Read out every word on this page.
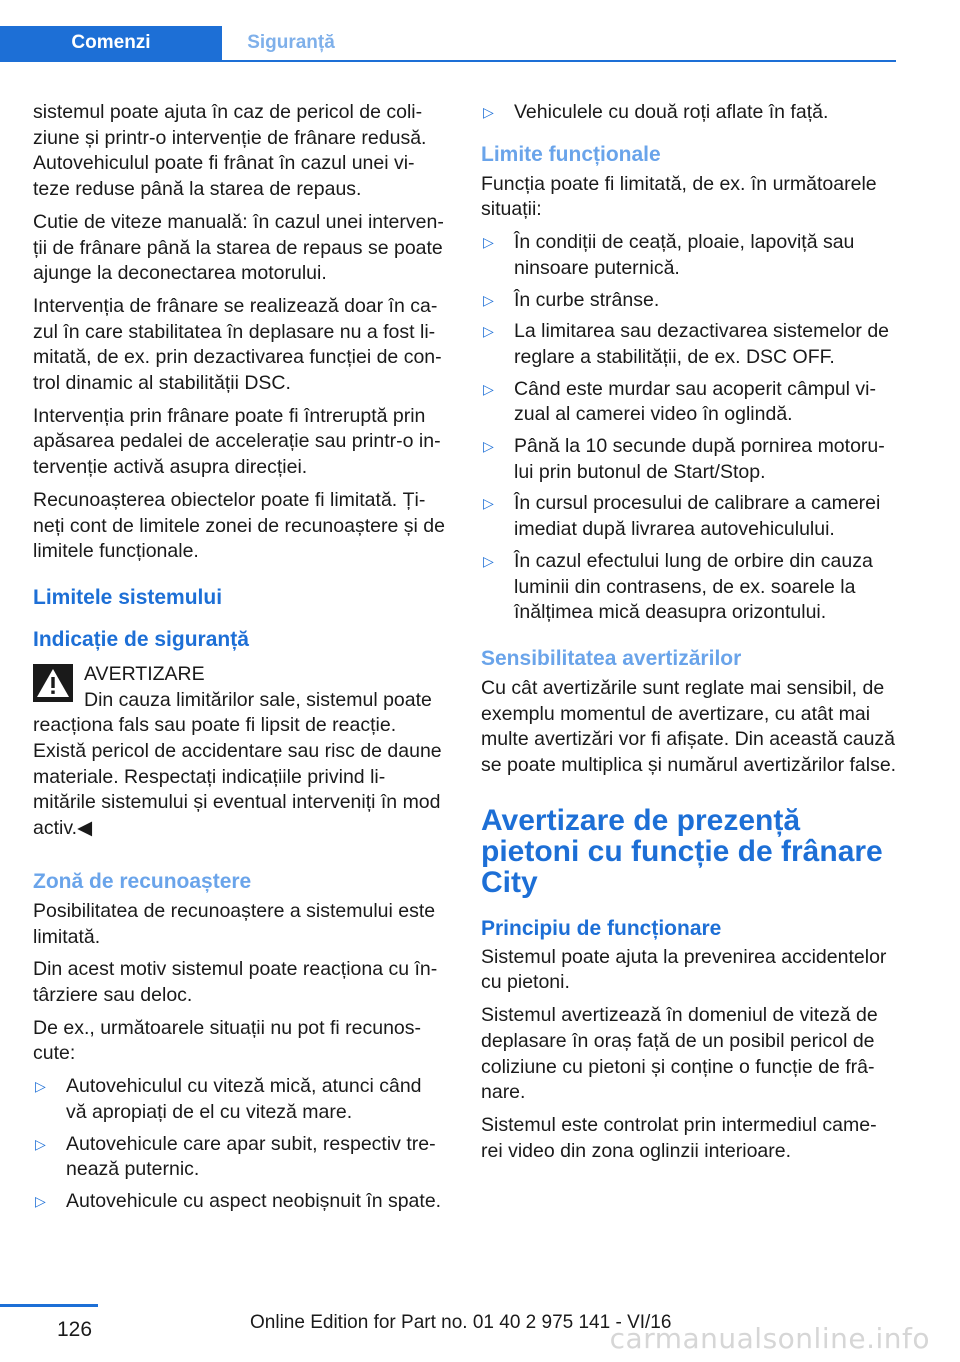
Comenzi	Siguranță

sistemul poate ajuta în caz de pericol de coli‐ziune și printr-o intervenție de frânare redusă. Autovehiculul poate fi frânat în cazul unei vi‐teze reduse până la starea de repaus.

Cutie de viteze manuală: în cazul unei interven‐ții de frânare până la starea de repaus se poate ajunge la deconectarea motorului.

Intervenția de frânare se realizează doar în ca‐zul în care stabilitatea în deplasare nu a fost li‐mitată, de ex. prin dezactivarea funcției de con‐trol dinamic al stabilității DSC.

Intervenția prin frânare poate fi întreruptă prin apăsarea pedalei de accelerație sau printr-o in‐tervenție activă asupra direcției.

Recunoașterea obiectelor poate fi limitată. Ți‐neți cont de limitele zonei de recunoaștere și de limitele funcționale.

Limitele sistemului
Indicație de siguranță
AVERTIZARE
Din cauza limitărilor sale, sistemul poate reacționa fals sau poate fi lipsit de reacție. Există pericol de accidentare sau risc de daune materiale. Respectați indicațiile privind li‐mitările sistemului și eventual interveniți în mod activ.◀
Zonă de recunoaștere

Posibilitatea de recunoaștere a sistemului este limitată.

Din acest motiv sistemul poate reacționa cu în‐târziere sau deloc.

De ex., următoarele situații nu pot fi recunos‐cute:

▷ Autovehiculul cu viteză mică, atunci când vă apropiați de el cu viteză mare.
▷ Autovehicule care apar subit, respectiv tre‐nează puternic.
▷ Autovehicule cu aspect neobișnuit în spate.
▷ Vehiculele cu două roți aflate în față.
Limite funcționale

Funcția poate fi limitată, de ex. în următoarele situații:

▷ În condiții de ceață, ploaie, lapoviță sau ninsoare puternică.
▷ În curbe strânse.
▷ La limitarea sau dezactivarea sistemelor de reglare a stabilității, de ex. DSC OFF.
▷ Când este murdar sau acoperit câmpul vi‐zual al camerei video în oglindă.
▷ Până la 10 secunde după pornirea motoru‐lui prin butonul de Start/Stop.
▷ În cursul procesului de calibrare a camerei imediat după livrarea autovehiculului.
▷ În cazul efectului lung de orbire din cauza luminii din contrasens, de ex. soarele la înălțimea mică deasupra orizontului.
Sensibilitatea avertizărilor

Cu cât avertizările sunt reglate mai sensibil, de exemplu momentul de avertizare, cu atât mai multe avertizări vor fi afișate. Din această cauză se poate multiplica și numărul avertizărilor false.

Avertizare de prezență pietoni cu funcție de frânare City
Principiu de funcționare

Sistemul poate ajuta la prevenirea accidentelor cu pietoni.

Sistemul avertizează în domeniul de viteză de deplasare în oraș față de un posibil pericol de coliziune cu pietoni și conține o funcție de frâ‐nare.

Sistemul este controlat prin intermediul came‐rei video din zona oglinzii interioare.

126	Online Edition for Part no. 01 40 2 975 141 - VI/16
carmanualsonline.info
